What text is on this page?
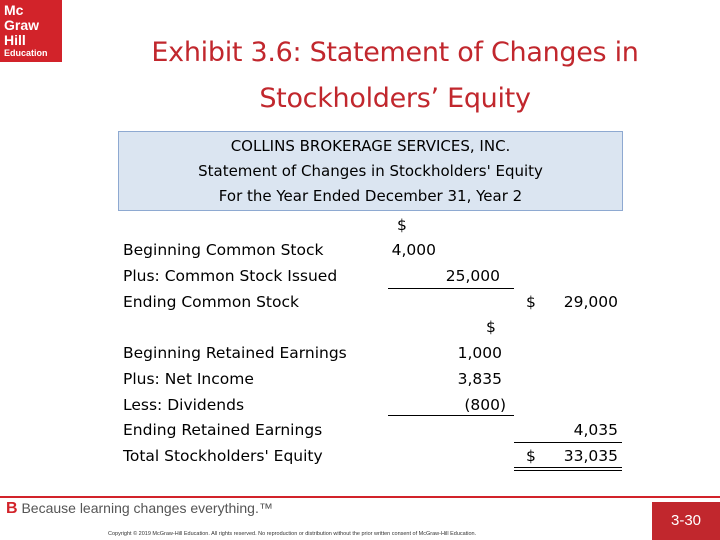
Mc
Graw
Hill
Education	Exhibit 3.6: Statement of Changes in
Stockholders’ Equity
COLLINS BROKERAGE SERVICES, INC.
Statement of Changes in Stockholders' Equity
For the Year Ended December 31, Year 2
$
Beginning Common Stock	4,000
Plus: Common Stock Issued	25,000
Ending Common Stock	$	29,000
$
Beginning Retained Earnings	1,000
Plus: Net Income	3,835
Less: Dividends	(800)
Ending Retained Earnings	4,035
Total Stockholders' Equity	$	33,035
B Because learning changes everything.™
3-30
Copyright © 2019 McGraw-Hill Education. All rights reserved. No reproduction or distribution without the prior written consent of McGraw-Hill Education.
